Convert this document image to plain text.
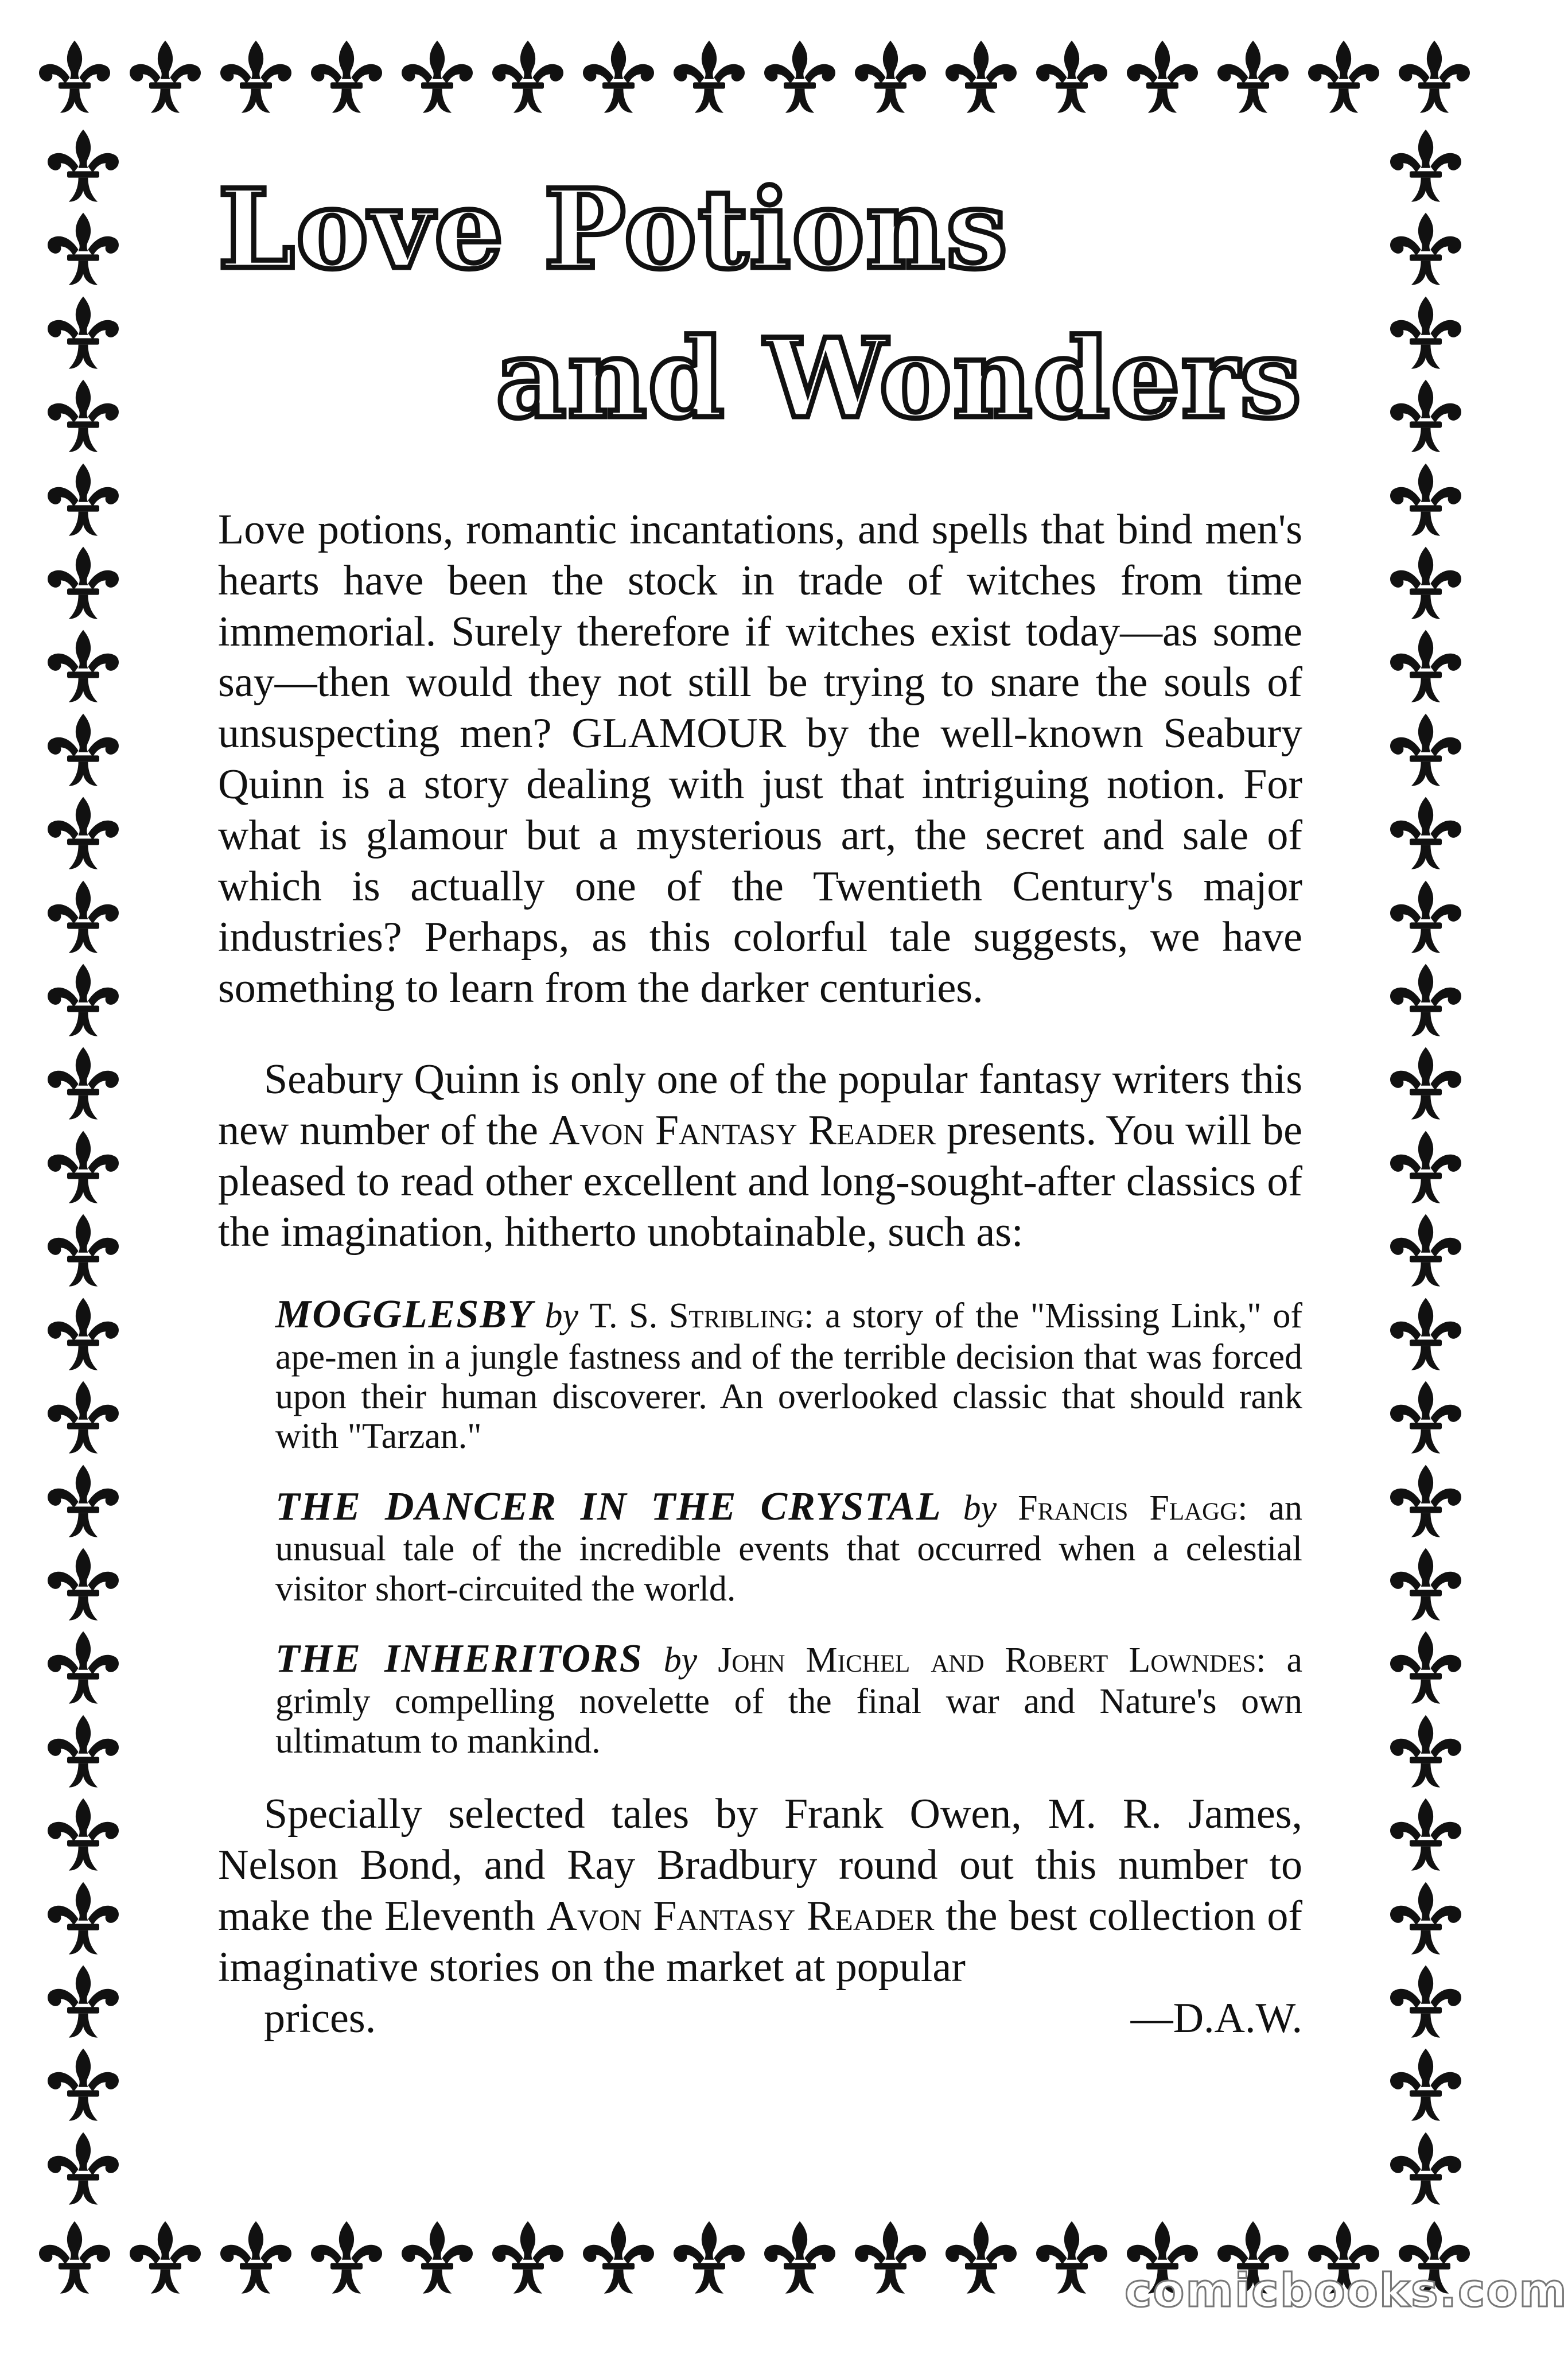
Love Potions
and Wonders

Love potions, romantic incantations, and spells that bind men's hearts have been the stock in trade of witches from time immemorial. Surely therefore if witches exist today—as some say—then would they not still be trying to snare the souls of unsuspecting men? GLAMOUR by the well-known Seabury Quinn is a story dealing with just that intriguing notion. For what is glamour but a mysterious art, the secret and sale of which is actually one of the Twentieth Century's major industries? Perhaps, as this colorful tale suggests, we have something to learn from the darker centuries.

Seabury Quinn is only one of the popular fantasy writers this new number of the Avon Fantasy Reader presents. You will be pleased to read other excellent and long-sought-after classics of the imagination, hitherto unobtainable, such as:

MOGGLESBY by T. S. Stribling: a story of the "Missing Link," of ape-men in a jungle fastness and of the terrible decision that was forced upon their human discoverer. An overlooked classic that should rank with "Tarzan."

THE DANCER IN THE CRYSTAL by Francis Flagg: an unusual tale of the incredible events that occurred when a celestial visitor short-circuited the world.

THE INHERITORS by John Michel and Robert Lowndes: a grimly compelling novelette of the final war and Nature's own ultimatum to mankind.

Specially selected tales by Frank Owen, M. R. James, Nelson Bond, and Ray Bradbury round out this number to make the Eleventh Avon Fantasy Reader the best collection of imaginative stories on the market at popular
prices.	—D.A.W.

comicbooks.com
